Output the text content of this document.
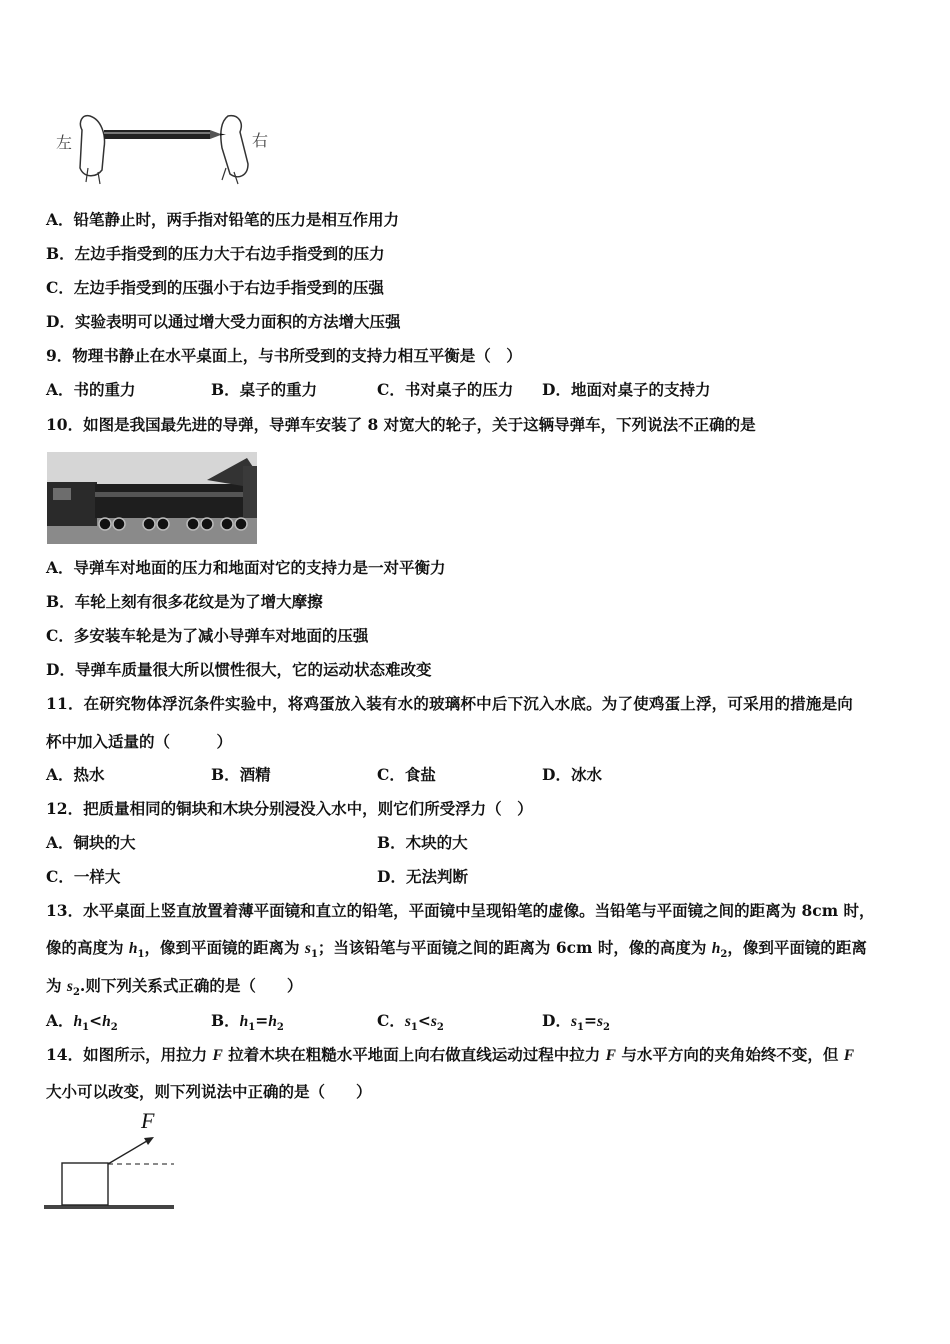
左	右
A．铅笔静止时，两手指对铅笔的压力是相互作用力
B．左边手指受到的压力大于右边手指受到的压力
C．左边手指受到的压强小于右边手指受到的压强
D．实验表明可以通过增大受力面积的方法增大压强
9．物理书静止在水平桌面上，与书所受到的支持力相互平衡是（　）
A．书的重力	B．桌子的重力	C．书对桌子的压力 D．地面对桌子的支持力
10．如图是我国最先进的导弹，导弹车安装了 8 对宽大的轮子，关于这辆导弹车，下列说法不正确的是
A．导弹车对地面的压力和地面对它的支持力是一对平衡力
B．车轮上刻有很多花纹是为了增大摩擦
C．多安装车轮是为了减小导弹车对地面的压强
D．导弹车质量很大所以惯性很大，它的运动状态难改变
11．在研究物体浮沉条件实验中，将鸡蛋放入装有水的玻璃杯中后下沉入水底。为了使鸡蛋上浮，可采用的措施是向
杯中加入适量的（　　　）
A．热水	B．酒精	C．食盐	D．冰水
12．把质量相同的铜块和木块分别浸没入水中，则它们所受浮力（　）
A．铜块的大	B．木块的大
C．一样大	D．无法判断
13．水平桌面上竖直放置着薄平面镜和直立的铅笔，平面镜中呈现铅笔的虚像。当铅笔与平面镜之间的距离为 8cm 时，
像的高度为 $h_1$，像到平面镜的距离为 $s_1$；当该铅笔与平面镜之间的距离为 6cm 时，像的高度为 $h_2$，像到平面镜的距离
为 $s_2$.则下列关系式正确的是（　　）
A．$h_1<h_2$	B．$h_1=h_2$	C．$s_1<s_2$	D．$s_1=s_2$
14．如图所示，用拉力 F 拉着木块在粗糙水平地面上向右做直线运动过程中拉力 F 与水平方向的夹角始终不变，但 F
大小可以改变，则下列说法中正确的是（　　）
F
